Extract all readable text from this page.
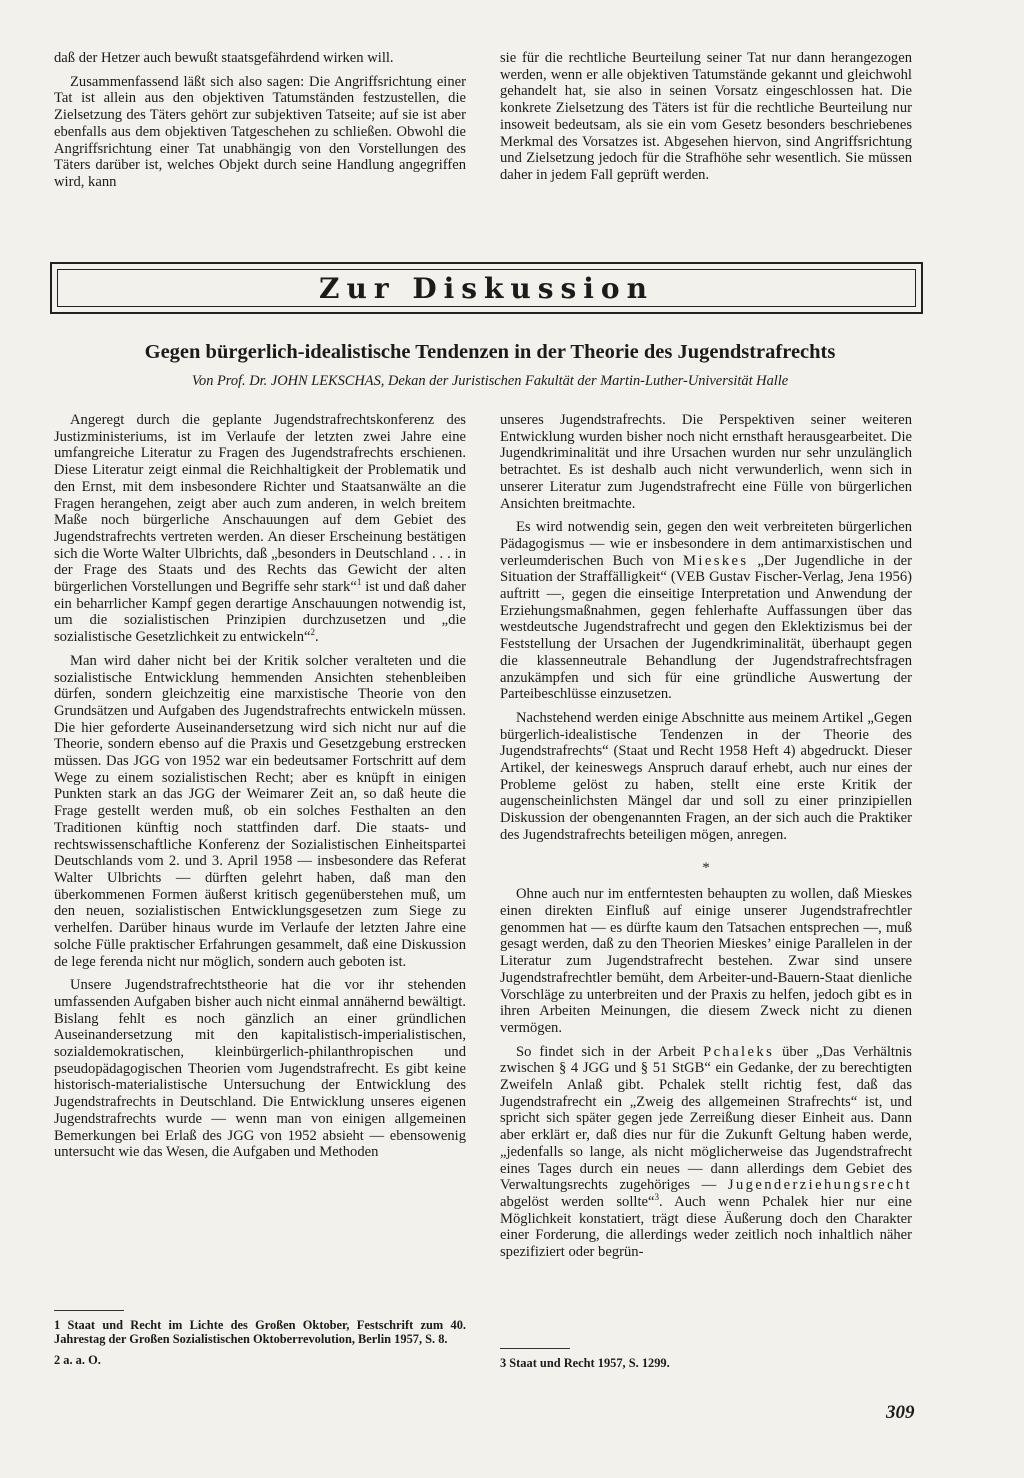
daß der Hetzer auch bewußt staatsgefährdend wirken will.

Zusammenfassend läßt sich also sagen: Die Angriffsrichtung einer Tat ist allein aus den objektiven Tatumständen festzustellen, die Zielsetzung des Täters gehört zur subjektiven Tatseite; auf sie ist aber ebenfalls aus dem objektiven Tatgeschehen zu schließen. Obwohl die Angriffsrichtung einer Tat unabhängig von den Vorstellungen des Täters darüber ist, welches Objekt durch seine Handlung angegriffen wird, kann

sie für die rechtliche Beurteilung seiner Tat nur dann herangezogen werden, wenn er alle objektiven Tatumstände gekannt und gleichwohl gehandelt hat, sie also in seinen Vorsatz eingeschlossen hat. Die konkrete Zielsetzung des Täters ist für die rechtliche Beurteilung nur insoweit bedeutsam, als sie ein vom Gesetz besonders beschriebenes Merkmal des Vorsatzes ist. Abgesehen hiervon, sind Angriffsrichtung und Zielsetzung jedoch für die Strafhöhe sehr wesentlich. Sie müssen daher in jedem Fall geprüft werden.

Zur Diskussion
Gegen bürgerlich-idealistische Tendenzen in der Theorie des Jugendstrafrechts

Von Prof. Dr. JOHN LEKSCHAS, Dekan der Juristischen Fakultät der Martin-Luther-Universität Halle

Angeregt durch die geplante Jugendstrafrechtskonferenz des Justizministeriums, ist im Verlaufe der letzten zwei Jahre eine umfangreiche Literatur zu Fragen des Jugendstrafrechts erschienen. Diese Literatur zeigt einmal die Reichhaltigkeit der Problematik und den Ernst, mit dem insbesondere Richter und Staatsanwälte an die Fragen herangehen, zeigt aber auch zum anderen, in welch breitem Maße noch bürgerliche Anschauungen auf dem Gebiet des Jugendstrafrechts vertreten werden. An dieser Erscheinung bestätigen sich die Worte Walter Ulbrichts, daß „besonders in Deutschland . . . in der Frage des Staats und des Rechts das Gewicht der alten bürgerlichen Vorstellungen und Begriffe sehr stark“$^1$ ist und daß daher ein beharrlicher Kampf gegen derartige Anschauungen notwendig ist, um die sozialistischen Prinzipien durchzusetzen und „die sozialistische Gesetzlichkeit zu entwickeln“$^2$.

Man wird daher nicht bei der Kritik solcher veralteten und die sozialistische Entwicklung hemmenden Ansichten stehenbleiben dürfen, sondern gleichzeitig eine marxistische Theorie von den Grundsätzen und Aufgaben des Jugendstrafrechts entwickeln müssen. Die hier geforderte Auseinandersetzung wird sich nicht nur auf die Theorie, sondern ebenso auf die Praxis und Gesetzgebung erstrecken müssen. Das JGG von 1952 war ein bedeutsamer Fortschritt auf dem Wege zu einem sozialistischen Recht; aber es knüpft in einigen Punkten stark an das JGG der Weimarer Zeit an, so daß heute die Frage gestellt werden muß, ob ein solches Festhalten an den Traditionen künftig noch stattfinden darf. Die staats- und rechtswissenschaftliche Konferenz der Sozialistischen Einheitspartei Deutschlands vom 2. und 3. April 1958 — insbesondere das Referat Walter Ulbrichts — dürften gelehrt haben, daß man den überkommenen Formen äußerst kritisch gegenüberstehen muß, um den neuen, sozialistischen Entwicklungsgesetzen zum Siege zu verhelfen. Darüber hinaus wurde im Verlaufe der letzten Jahre eine solche Fülle praktischer Erfahrungen gesammelt, daß eine Diskussion de lege ferenda nicht nur möglich, sondern auch geboten ist.

Unsere Jugendstrafrechtstheorie hat die vor ihr stehenden umfassenden Aufgaben bisher auch nicht einmal annähernd bewältigt. Bislang fehlt es noch gänzlich an einer gründlichen Auseinandersetzung mit den kapitalistisch-imperialistischen, sozialdemokratischen, kleinbürgerlich-philanthropischen und pseudopädagogischen Theorien vom Jugendstrafrecht. Es gibt keine historisch-materialistische Untersuchung der Entwicklung des Jugendstrafrechts in Deutschland. Die Entwicklung unseres eigenen Jugendstrafrechts wurde — wenn man von einigen allgemeinen Bemerkungen bei Erlaß des JGG von 1952 absieht — ebensowenig untersucht wie das Wesen, die Aufgaben und Methoden

unseres Jugendstrafrechts. Die Perspektiven seiner weiteren Entwicklung wurden bisher noch nicht ernsthaft herausgearbeitet. Die Jugendkriminalität und ihre Ursachen wurden nur sehr unzulänglich betrachtet. Es ist deshalb auch nicht verwunderlich, wenn sich in unserer Literatur zum Jugendstrafrecht eine Fülle von bürgerlichen Ansichten breitmachte.

Es wird notwendig sein, gegen den weit verbreiteten bürgerlichen Pädagogismus — wie er insbesondere in dem antimarxistischen und verleumderischen Buch von Mieskes „Der Jugendliche in der Situation der Straffälligkeit“ (VEB Gustav Fischer-Verlag, Jena 1956) auftritt —, gegen die einseitige Interpretation und Anwendung der Erziehungsmaßnahmen, gegen fehlerhafte Auffassungen über das westdeutsche Jugendstrafrecht und gegen den Eklektizismus bei der Feststellung der Ursachen der Jugendkriminalität, überhaupt gegen die klassenneutrale Behandlung der Jugendstrafrechtsfragen anzukämpfen und sich für eine gründliche Auswertung der Parteibeschlüsse einzusetzen.

Nachstehend werden einige Abschnitte aus meinem Artikel „Gegen bürgerlich-idealistische Tendenzen in der Theorie des Jugendstrafrechts“ (Staat und Recht 1958 Heft 4) abgedruckt. Dieser Artikel, der keineswegs Anspruch darauf erhebt, auch nur eines der Probleme gelöst zu haben, stellt eine erste Kritik der augenscheinlichsten Mängel dar und soll zu einer prinzipiellen Diskussion der obengenannten Fragen, an der sich auch die Praktiker des Jugendstrafrechts beteiligen mögen, anregen.

*

Ohne auch nur im entferntesten behaupten zu wollen, daß Mieskes einen direkten Einfluß auf einige unserer Jugendstrafrechtler genommen hat — es dürfte kaum den Tatsachen entsprechen —, muß gesagt werden, daß zu den Theorien Mieskes’ einige Parallelen in der Literatur zum Jugendstrafrecht bestehen. Zwar sind unsere Jugendstrafrechtler bemüht, dem Arbeiter-und-Bauern-Staat dienliche Vorschläge zu unterbreiten und der Praxis zu helfen, jedoch gibt es in ihren Arbeiten Meinungen, die diesem Zweck nicht zu dienen vermögen.

So findet sich in der Arbeit Pchaleks über „Das Verhältnis zwischen § 4 JGG und § 51 StGB“ ein Gedanke, der zu berechtigten Zweifeln Anlaß gibt. Pchalek stellt richtig fest, daß das Jugendstrafrecht ein „Zweig des allgemeinen Strafrechts“ ist, und spricht sich später gegen jede Zerreißung dieser Einheit aus. Dann aber erklärt er, daß dies nur für die Zukunft Geltung haben werde, „jedenfalls so lange, als nicht möglicherweise das Jugendstrafrecht eines Tages durch ein neues — dann allerdings dem Gebiet des Verwaltungsrechts zugehöriges — Jugenderziehungsrecht abgelöst werden sollte“$^3$. Auch wenn Pchalek hier nur eine Möglichkeit konstatiert, trägt diese Äußerung doch den Charakter einer Forderung, die allerdings weder zeitlich noch inhaltlich näher spezifiziert oder begrün-

1 Staat und Recht im Lichte des Großen Oktober, Festschrift zum 40. Jahrestag der Großen Sozialistischen Oktoberrevolution, Berlin 1957, S. 8.

2 a. a. O.	3 Staat und Recht 1957, S. 1299.

309
